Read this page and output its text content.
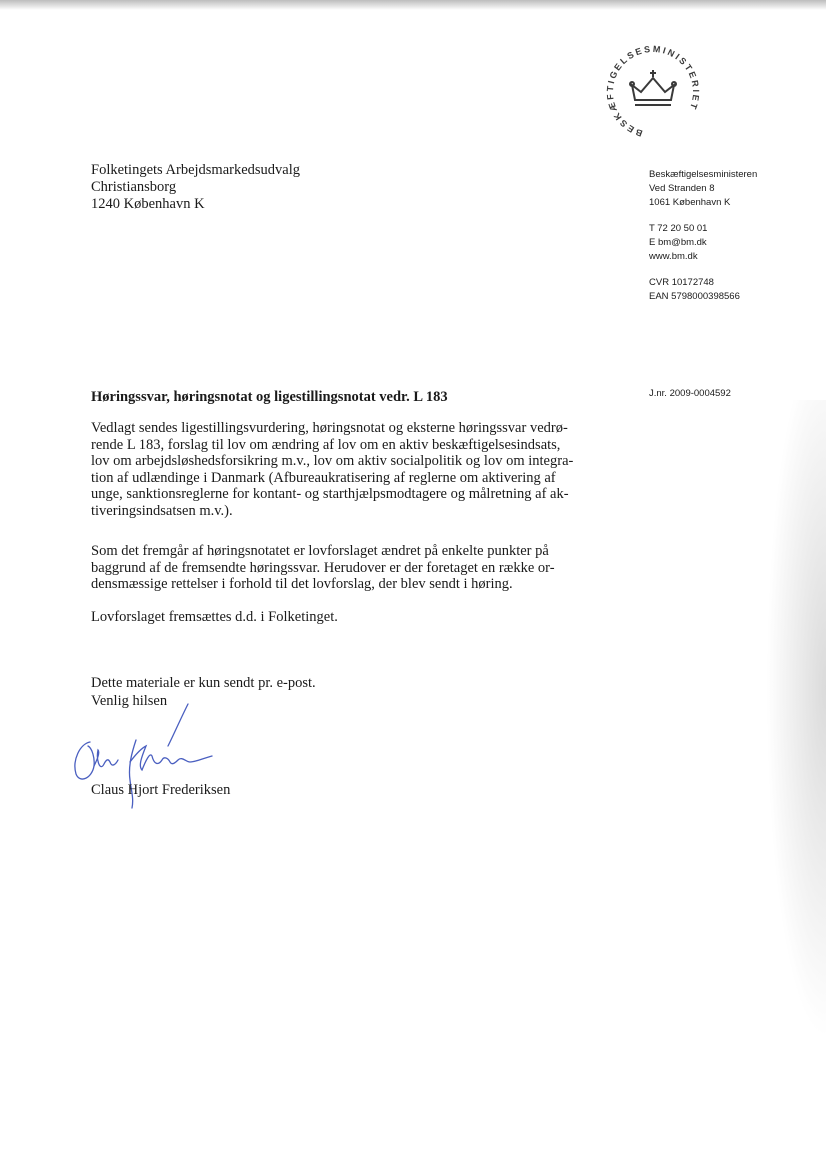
BESKÆFTIGELSESMINISTERIET
Folketingets Arbejdsmarkedsudvalg
Christiansborg
1240 København K
Beskæftigelsesministeren
Ved Stranden 8
1061 København K
T 72 20 50 01
E bm@bm.dk
www.bm.dk
CVR 10172748
EAN 5798000398566
J.nr. 2009-0004592
Høringssvar, høringsnotat og ligestillingsnotat vedr. L 183

Vedlagt sendes ligestillingsvurdering, høringsnotat og eksterne høringssvar vedrø-
rende L 183, forslag til lov om ændring af lov om en aktiv beskæftigelsesindsats,
lov om arbejdsløshedsforsikring m.v., lov om aktiv socialpolitik og lov om integra-
tion af udlændinge i Danmark (Afbureaukratisering af reglerne om aktivering af
unge, sanktionsreglerne for kontant- og starthjælpsmodtagere og målretning af ak-
tiveringsindsatsen m.v.).

Som det fremgår af høringsnotatet er lovforslaget ændret på enkelte punkter på
baggrund af de fremsendte høringssvar. Herudover er der foretaget en række or-
densmæssige rettelser i forhold til det lovforslag, der blev sendt i høring.

Lovforslaget fremsættes d.d. i Folketinget.

Dette materiale er kun sendt pr. e-post.

Venlig hilsen
Claus Hjort Frederiksen
